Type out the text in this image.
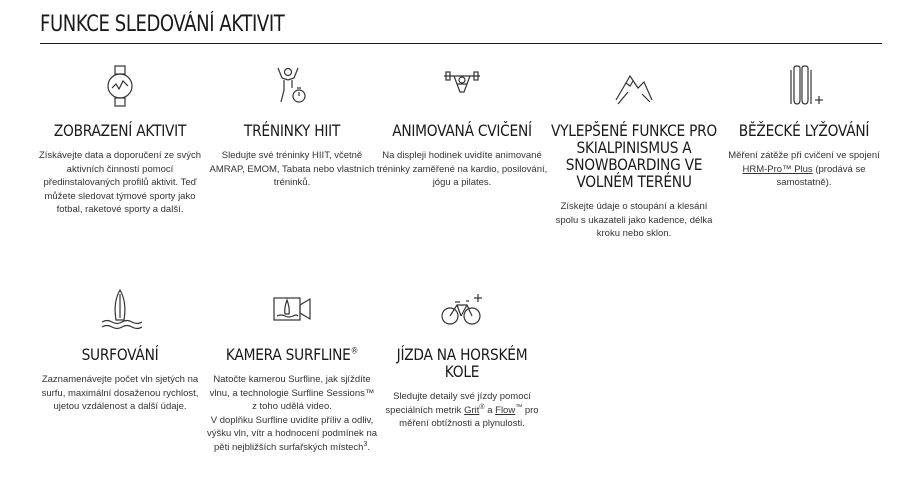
FUNKCE SLEDOVÁNÍ AKTIVIT
ZOBRAZENÍ AKTIVIT
Získávejte data a doporučení ze svých aktivních činností pomocí předinstalovaných profilů aktivit. Teď můžete sledovat týmové sporty jako fotbal, raketové sporty a další.
TRÉNINKY HIIT
Sledujte své tréninky HIIT, včetně AMRAP, EMOM, Tabata nebo vlastních tréninků.
ANIMOVANÁ CVIČENÍ
Na displeji hodinek uvidíte animované tréninky zaměřené na kardio, posilování, jógu a pilates.
VYLEPŠENÉ FUNKCE PRO SKIALPINISMUS A SNOWBOARDING VE VOLNÉM TERÉNU
Získejte údaje o stoupání a klesání spolu s ukazateli jako kadence, délka kroku nebo sklon.
BĚŽECKÉ LYŽOVÁNÍ
Měření zátěže při cvičení ve spojení HRM-Pro™ Plus (prodává se samostatně).
SURFOVÁNÍ
Zaznamenávejte počet vln sjetých na surfu, maximální dosaženou rychlost, ujetou vzdálenost a další údaje.
KAMERA SURFLINE®
Natočte kamerou Surfline, jak sjíždíte vlnu, a technologie Surfline Sessions™ z toho udělá video.
V doplňku Surfline uvidíte příliv a odliv, výšku vln, vítr a hodnocení podmínek na pěti nejbližších surfařských místech$^3$.
JÍZDA NA HORSKÉM KOLE
Sledujte detaily své jízdy pomocí speciálních metrik Grit® a Flow™ pro měření obtížnosti a plynulosti.
